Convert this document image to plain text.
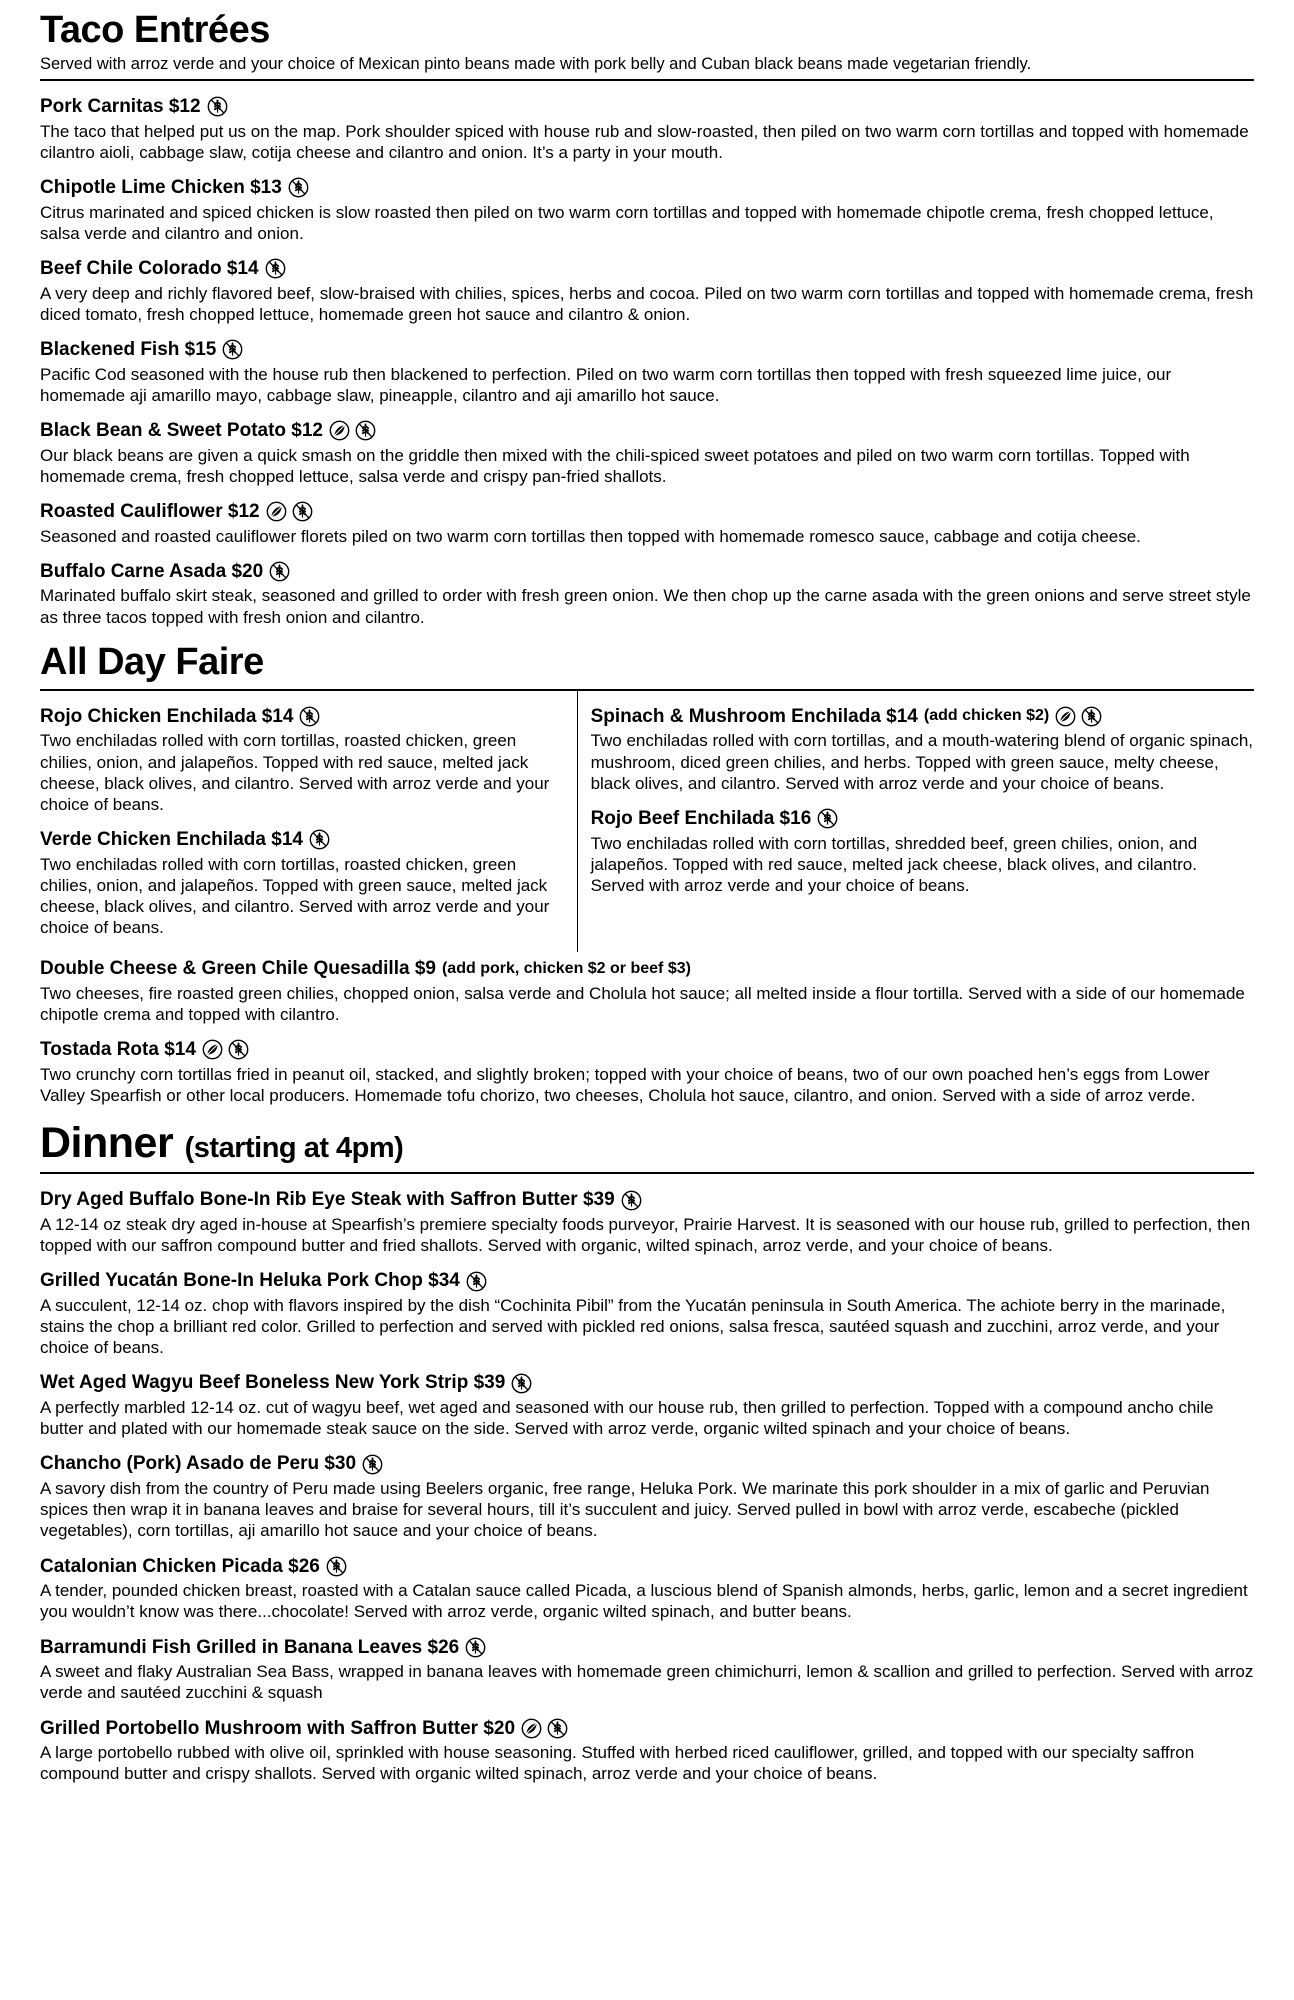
Taco Entrées

Served with arroz verde and your choice of Mexican pinto beans made with pork belly and Cuban black beans made vegetarian friendly.

Pork Carnitas $12

The taco that helped put us on the map. Pork shoulder spiced with house rub and slow-roasted, then piled on two warm corn tortillas and topped with homemade cilantro aioli, cabbage slaw, cotija cheese and cilantro and onion. It’s a party in your mouth.

Chipotle Lime Chicken $13

Citrus marinated and spiced chicken is slow roasted then piled on two warm corn tortillas and topped with homemade chipotle crema, fresh chopped lettuce, salsa verde and cilantro and onion.

Beef Chile Colorado $14

A very deep and richly flavored beef, slow-braised with chilies, spices, herbs and cocoa. Piled on two warm corn tortillas and topped with homemade crema, fresh diced tomato, fresh chopped lettuce, homemade green hot sauce and cilantro & onion.

Blackened Fish $15

Pacific Cod seasoned with the house rub then blackened to perfection. Piled on two warm corn tortillas then topped with fresh squeezed lime juice, our homemade aji amarillo mayo, cabbage slaw, pineapple, cilantro and aji amarillo hot sauce.

Black Bean & Sweet Potato $12

Our black beans are given a quick smash on the griddle then mixed with the chili-spiced sweet potatoes and piled on two warm corn tortillas. Topped with homemade crema, fresh chopped lettuce, salsa verde and crispy pan-fried shallots.

Roasted Cauliflower $12

Seasoned and roasted cauliflower florets piled on two warm corn tortillas then topped with homemade romesco sauce, cabbage and cotija cheese.

Buffalo Carne Asada $20

Marinated buffalo skirt steak, seasoned and grilled to order with fresh green onion. We then chop up the carne asada with the green onions and serve street style as three tacos topped with fresh onion and cilantro.

All Day Faire
Rojo Chicken Enchilada $14

Two enchiladas rolled with corn tortillas, roasted chicken, green chilies, onion, and jalapeños. Topped with red sauce, melted jack cheese, black olives, and cilantro. Served with arroz verde and your choice of beans.

Verde Chicken Enchilada $14

Two enchiladas rolled with corn tortillas, roasted chicken, green chilies, onion, and jalapeños. Topped with green sauce, melted jack cheese, black olives, and cilantro. Served with arroz verde and your choice of beans.

Spinach & Mushroom Enchilada $14 (add chicken $2)

Two enchiladas rolled with corn tortillas, and a mouth-watering blend of organic spinach, mushroom, diced green chilies, and herbs. Topped with green sauce, melty cheese, black olives, and cilantro. Served with arroz verde and your choice of beans.

Rojo Beef Enchilada $16

Two enchiladas rolled with corn tortillas, shredded beef, green chilies, onion, and jalapeños. Topped with red sauce, melted jack cheese, black olives, and cilantro. Served with arroz verde and your choice of beans.

Double Cheese & Green Chile Quesadilla $9 (add pork, chicken $2 or beef $3)

Two cheeses, fire roasted green chilies, chopped onion, salsa verde and Cholula hot sauce; all melted inside a flour tortilla. Served with a side of our homemade chipotle crema and topped with cilantro.

Tostada Rota $14

Two crunchy corn tortillas fried in peanut oil, stacked, and slightly broken; topped with your choice of beans, two of our own poached hen’s eggs from Lower Valley Spearfish or other local producers. Homemade tofu chorizo, two cheeses, Cholula hot sauce, cilantro, and onion. Served with a side of arroz verde.

Dinner (starting at 4pm)
Dry Aged Buffalo Bone-In Rib Eye Steak with Saffron Butter $39

A 12-14 oz steak dry aged in-house at Spearfish’s premiere specialty foods purveyor, Prairie Harvest. It is seasoned with our house rub, grilled to perfection, then topped with our saffron compound butter and fried shallots. Served with organic, wilted spinach, arroz verde, and your choice of beans.

Grilled Yucatán Bone-In Heluka Pork Chop $34

A succulent, 12-14 oz. chop with flavors inspired by the dish “Cochinita Pibil” from the Yucatán peninsula in South America. The achiote berry in the marinade, stains the chop a brilliant red color. Grilled to perfection and served with pickled red onions, salsa fresca, sautéed squash and zucchini, arroz verde, and your choice of beans.

Wet Aged Wagyu Beef Boneless New York Strip $39

A perfectly marbled 12-14 oz. cut of wagyu beef, wet aged and seasoned with our house rub, then grilled to perfection. Topped with a compound ancho chile butter and plated with our homemade steak sauce on the side. Served with arroz verde, organic wilted spinach and your choice of beans.

Chancho (Pork) Asado de Peru $30

A savory dish from the country of Peru made using Beelers organic, free range, Heluka Pork. We marinate this pork shoulder in a mix of garlic and Peruvian spices then wrap it in banana leaves and braise for several hours, till it’s succulent and juicy. Served pulled in bowl with arroz verde, escabeche (pickled vegetables), corn tortillas, aji amarillo hot sauce and your choice of beans.

Catalonian Chicken Picada $26

A tender, pounded chicken breast, roasted with a Catalan sauce called Picada, a luscious blend of Spanish almonds, herbs, garlic, lemon and a secret ingredient you wouldn’t know was there...chocolate! Served with arroz verde, organic wilted spinach, and butter beans.

Barramundi Fish Grilled in Banana Leaves $26

A sweet and flaky Australian Sea Bass, wrapped in banana leaves with homemade green chimichurri, lemon & scallion and grilled to perfection. Served with arroz verde and sautéed zucchini & squash

Grilled Portobello Mushroom with Saffron Butter $20

A large portobello rubbed with olive oil, sprinkled with house seasoning. Stuffed with herbed riced cauliflower, grilled, and topped with our specialty saffron compound butter and crispy shallots. Served with organic wilted spinach, arroz verde and your choice of beans.
